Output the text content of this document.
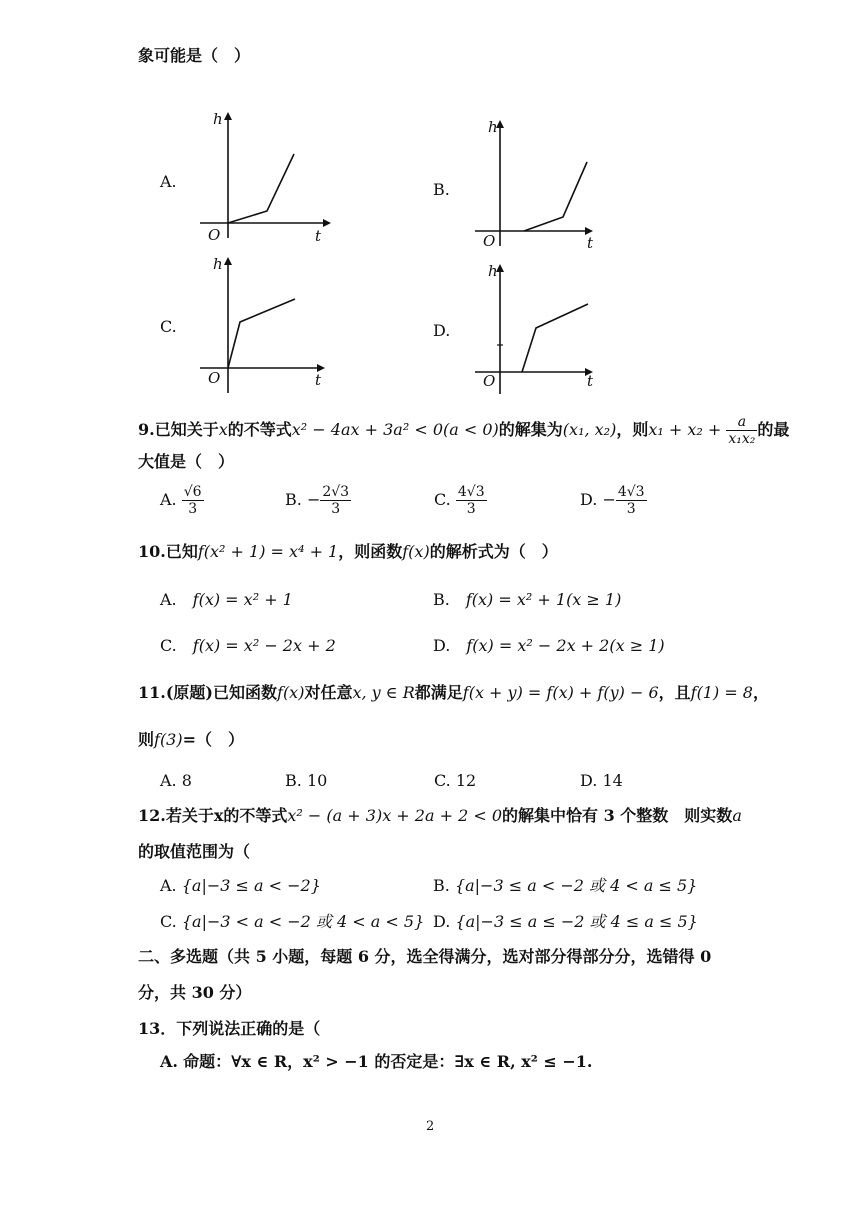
象可能是（　）
A.
h
O	t
B.
h
O	t
C.
h
O	t
D.
h
O	t
9.已知关于x的不等式x² − 4ax + 3a² < 0(a < 0)的解集为(x₁, x₂)，则$x_1 + x_2 + \frac{a}{\text{x₁x₂}}$ 的最
大值是（　）
A. $\frac{√6}{3}$	B. − $\frac{2√3}{3}$	C. $\frac{4√3}{3}$	D. − $\frac{4√3}{3}$
10.已知f(x² + 1) = x⁴ + 1，则函数f(x)的解析式为（　）
A.　 f(x) = x² + 1	B.　 f(x) = x² + 1(x ≥ 1)
C.　 f(x) = x² − 2x + 2	D.　 f(x) = x² − 2x + 2(x ≥ 1)
11.(原题)已知函数f(x)对任意x, y ∈ R都满足f(x + y) = f(x) + f(y) − 6，且f(1) = 8，
则f(3)=（　）
A. 8	B. 10	C. 12	D. 14
12.若关于x的不等式x² − (a + 3)x + 2a + 2 < 0的解集中恰有 3 个整数　则实数a
的取值范围为（
A. {a|−3 ≤ a < −2}	B. {a|−3 ≤ a < −2 或 4 < a ≤ 5}
C. {a|−3 < a < −2 或 4 < a < 5} D. {a|−3 ≤ a ≤ −2 或 4 ≤ a ≤ 5}
二、多选题（共 5 小题，每题 6 分，选全得满分，选对部分得部分分，选错得 0
分，共 30 分）
13．下列说法正确的是（
A. 命题：∀x ∈ R，x² > −1 的否定是：∃x ∈ R, x² ≤ −1.
2
